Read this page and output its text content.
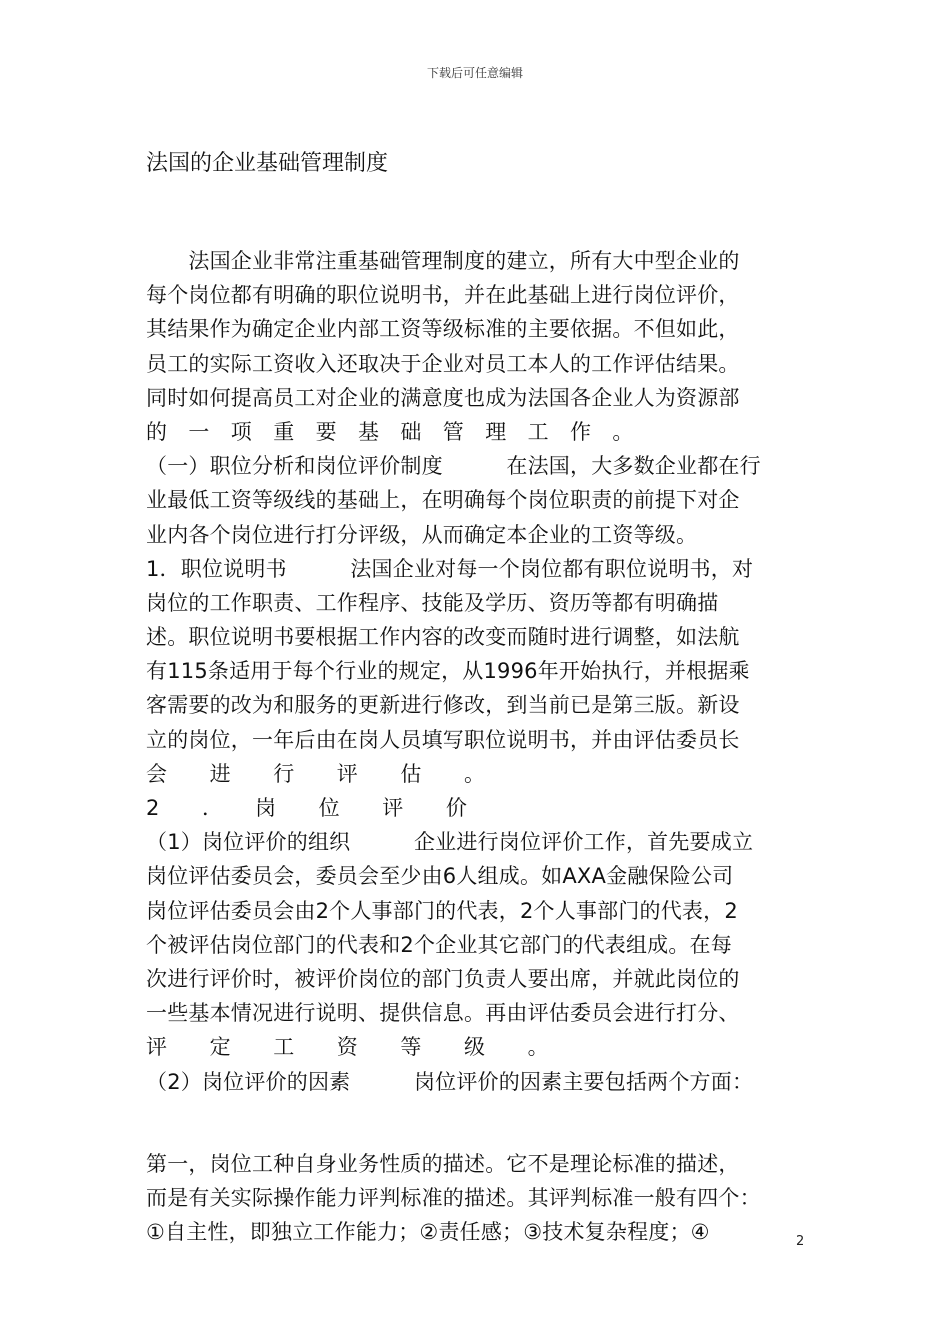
下载后可任意编辑
法国的企业基础管理制度
　　法国企业非常注重基础管理制度的建立，所有大中型企业的
每个岗位都有明确的职位说明书，并在此基础上进行岗位评价，
其结果作为确定企业内部工资等级标准的主要依据。不但如此，
员工的实际工资收入还取决于企业对员工本人的工作评估结果。
同时如何提高员工对企业的满意度也成为法国各企业人为资源部
的　一　项　重　要　基　础　管　理　工　作　。
（一）职位分析和岗位评价制度　　　在法国，大多数企业都在行
业最低工资等级线的基础上，在明确每个岗位职责的前提下对企
业内各个岗位进行打分评级，从而确定本企业的工资等级。
1．职位说明书　　　法国企业对每一个岗位都有职位说明书，对
岗位的工作职责、工作程序、技能及学历、资历等都有明确描
述。职位说明书要根据工作内容的改变而随时进行调整，如法航
有115条适用于每个行业的规定，从1996年开始执行，并根据乘
客需要的改为和服务的更新进行修改，到当前已是第三版。新设
立的岗位，一年后由在岗人员填写职位说明书，并由评估委员长
会　　进　　行　　评　　估　　。
2　　．　　岗　　位　　评　　价
（1）岗位评价的组织　　　企业进行岗位评价工作，首先要成立
岗位评估委员会，委员会至少由6人组成。如AXA金融保险公司
岗位评估委员会由2个人事部门的代表，2个人事部门的代表，2
个被评估岗位部门的代表和2个企业其它部门的代表组成。在每
次进行评价时，被评价岗位的部门负责人要出席，并就此岗位的
一些基本情况进行说明、提供信息。再由评估委员会进行打分、
评　　定　　工　　资　　等　　级　　。
（2）岗位评价的因素　　　岗位评价的因素主要包括两个方面：
第一，岗位工种自身业务性质的描述。它不是理论标准的描述，
而是有关实际操作能力评判标准的描述。其评判标准一般有四个：
①自主性，即独立工作能力；②责任感；③技术复杂程度；④	2
